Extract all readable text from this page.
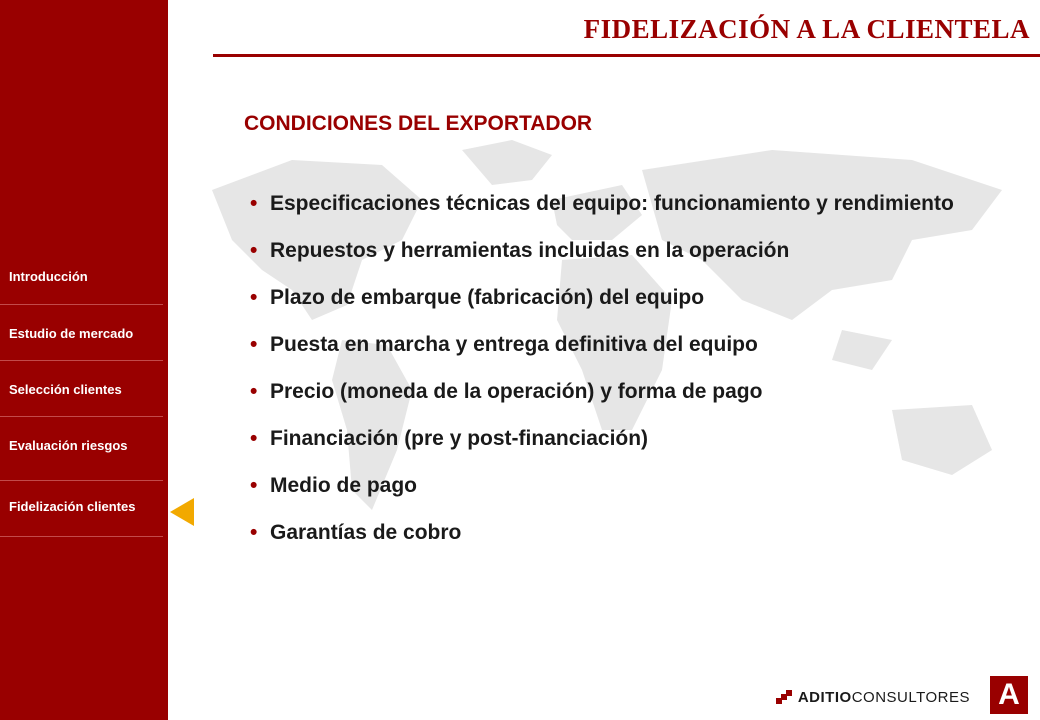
Introducción
Estudio de mercado
Selección clientes
Evaluación riesgos
Fidelización clientes
FIDELIZACIÓN A LA CLIENTELA
CONDICIONES DEL EXPORTADOR
• Especificaciones técnicas del equipo: funcionamiento y rendimiento
• Repuestos y herramientas incluidas en la operación
• Plazo de embarque (fabricación) del equipo
• Puesta en marcha y entrega definitiva del equipo
• Precio (moneda de la operación) y forma de pago
• Financiación (pre y post-financiación)
• Medio de pago
• Garantías de cobro
ADITIO CONSULTORES A
